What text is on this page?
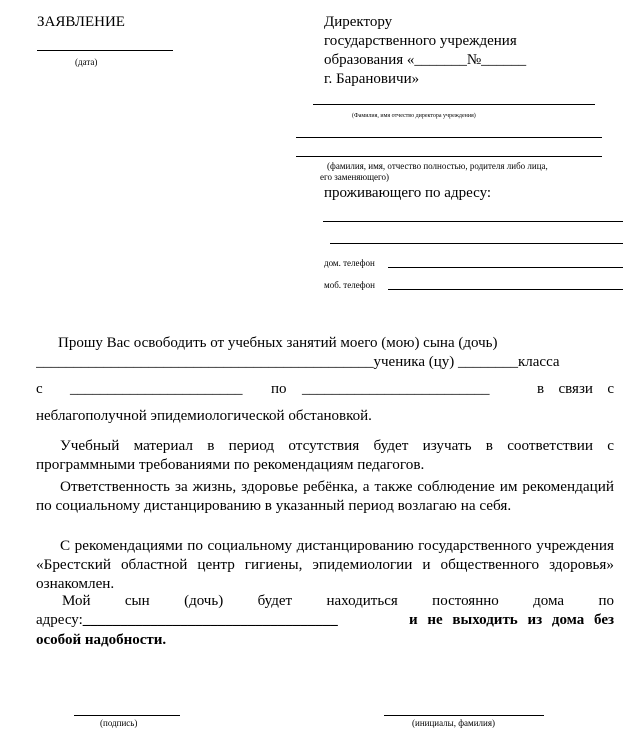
ЗАЯВЛЕНИЕ
(дата)
Директору
государственного учреждения
образования «_______№______
г. Барановичи»
(Фамилия, имя отчество директора учреждения)
(фамилия, имя, отчество полностью, родителя либо лица,
его заменяющего)
проживающего по адресу:
дом. телефон
моб. телефон
Прошу Вас освободить от учебных занятий моего (мою) сына (дочь)
_____________________________________________ученика (цу) ________класса
с _______________________ по _________________________	в связи с
неблагополучной эпидемиологической обстановкой.
Учебный материал в период отсутствия будет изучать в соответствии с программными требованиями по рекомендациям педагогов.
Ответственность за жизнь, здоровье ребёнка, а также соблюдение им рекомендаций по социальному дистанцированию в указанный период возлагаю на себя.
С рекомендациями по социальному дистанцированию государственного учреждения «Брестский областной центр гигиены, эпидемиологии и общественного здоровья» ознакомлен.
Мой сын (дочь) будет находиться постоянно дома по
адресу:__________________________________	и не выходить из дома без
особой надобности.
(подпись)	(инициалы, фамилия)
